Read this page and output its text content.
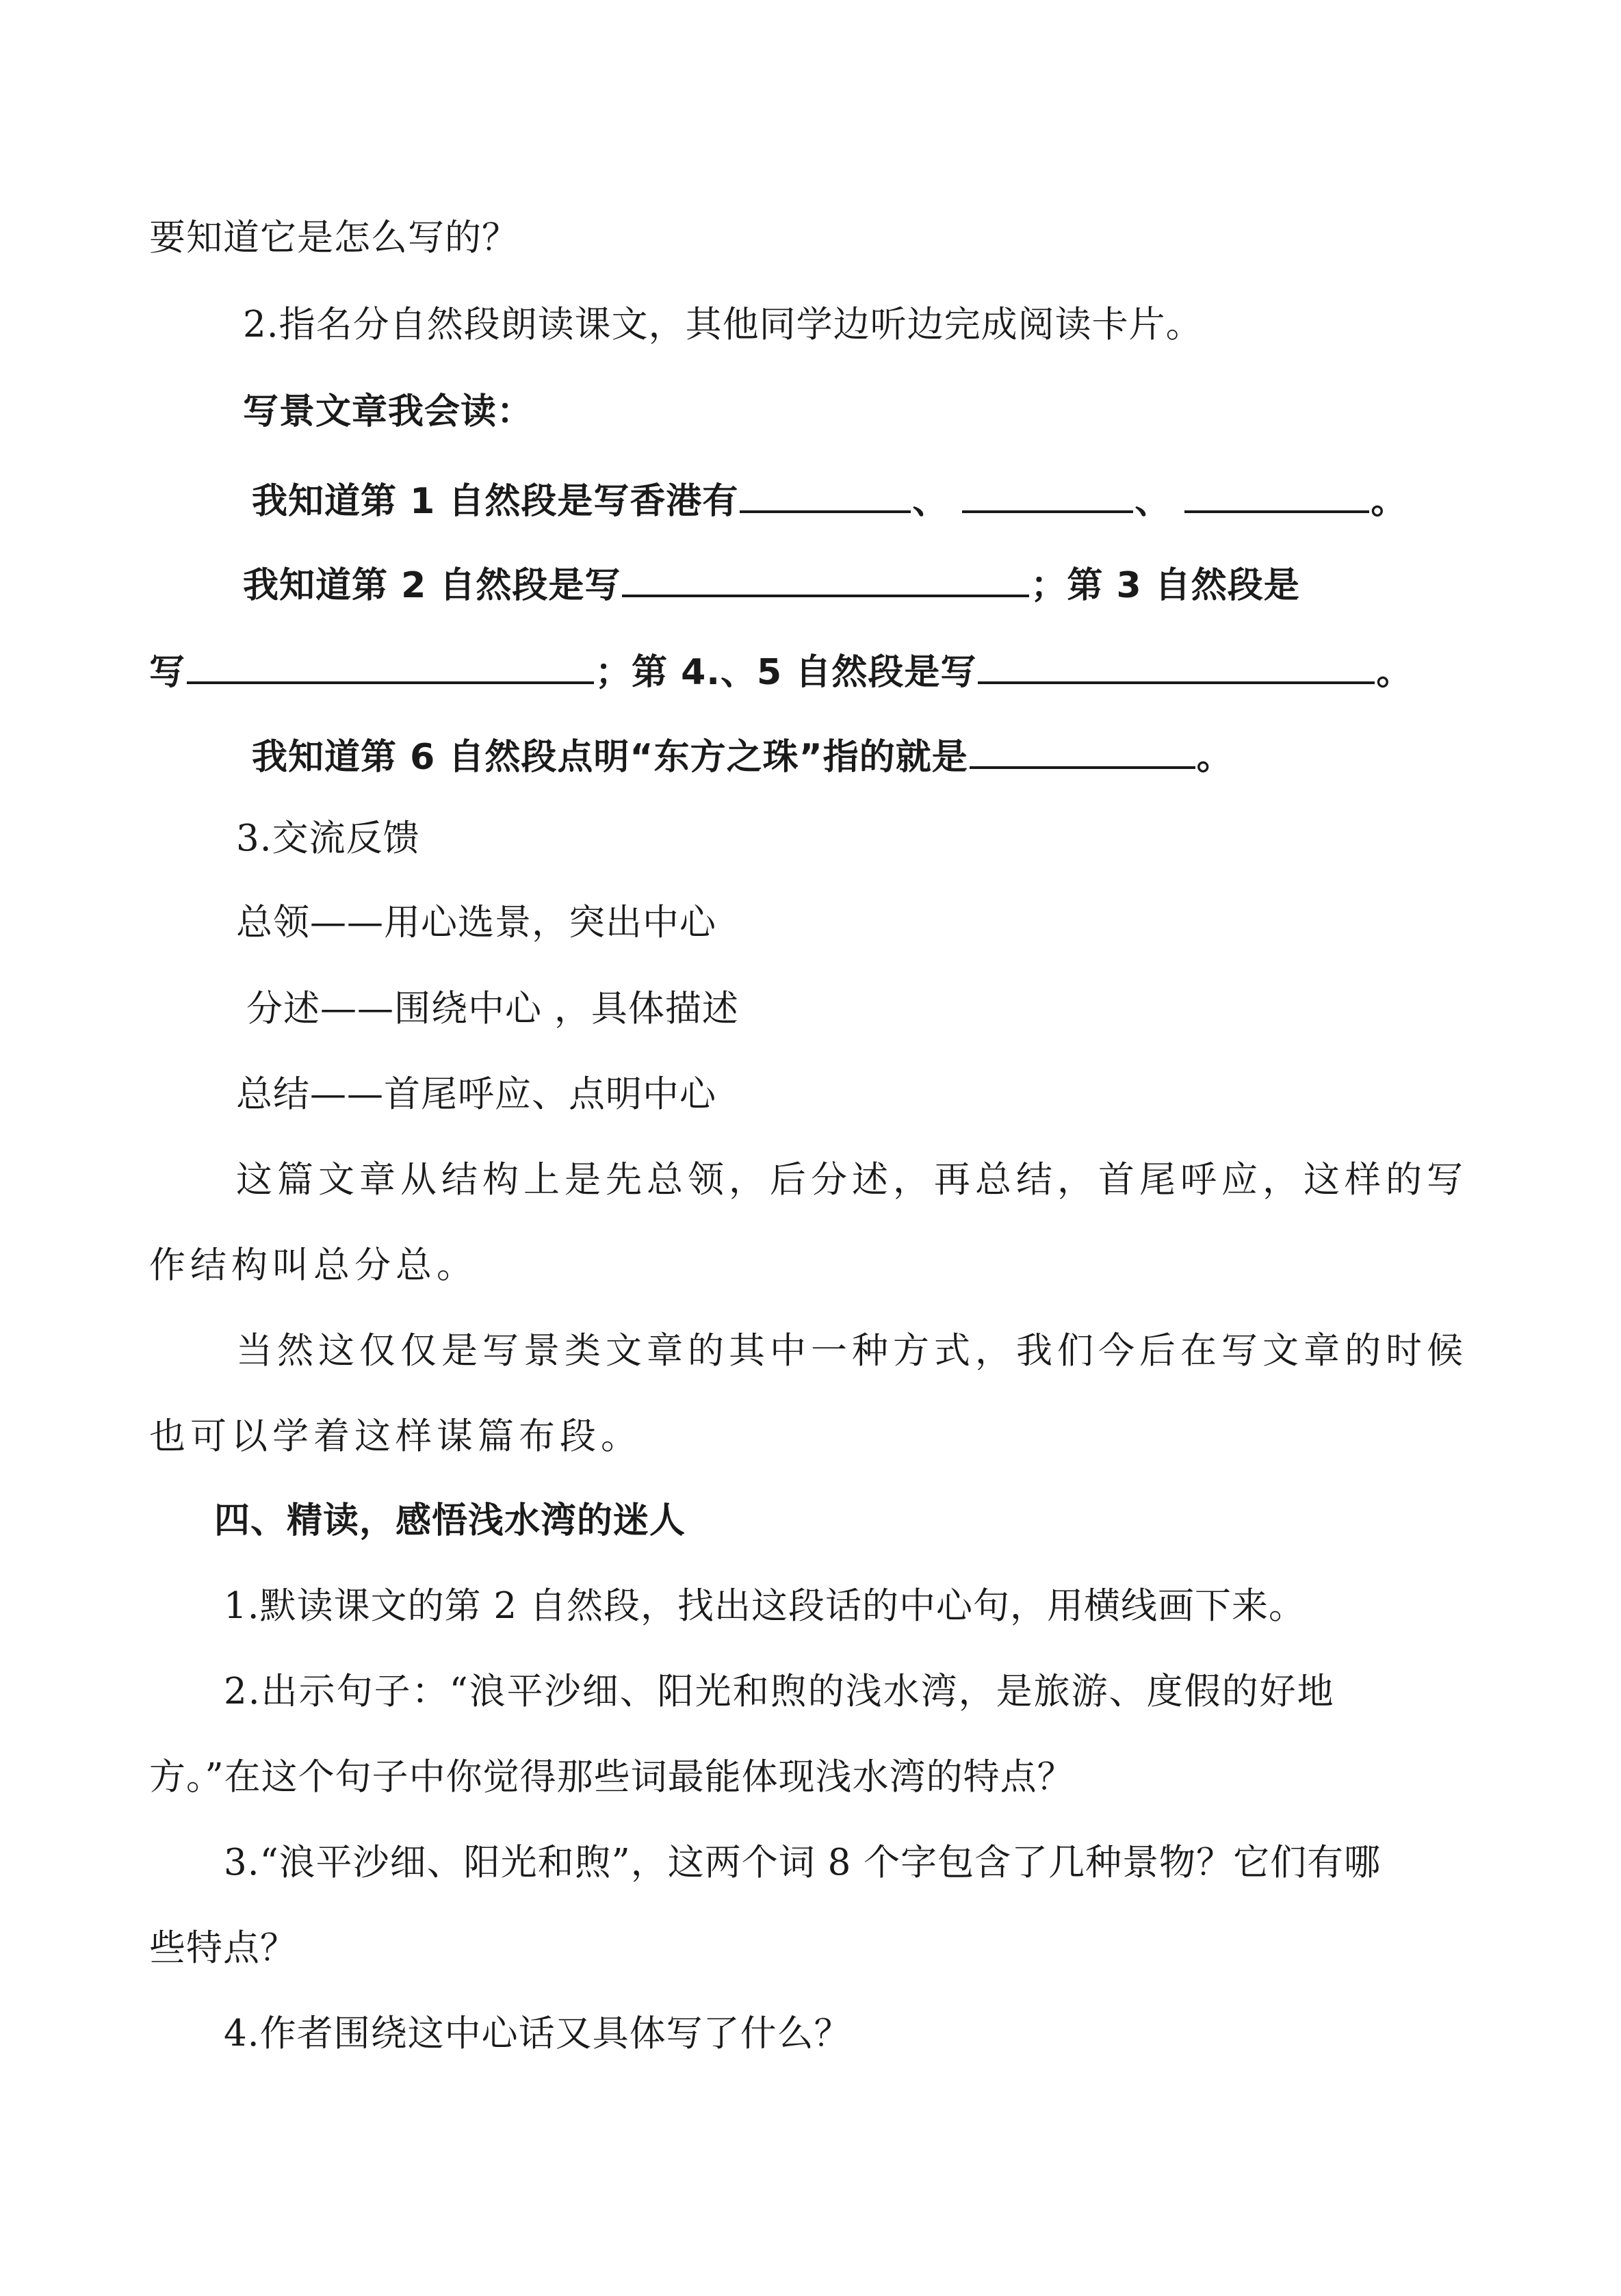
要知道它是怎么写的？
2.指名分自然段朗读课文，其他同学边听边完成阅读卡片。
写景文章我会读：
我知道第 1 自然段是写香港有	、	、	。
我知道第 2 自然段是写	；第 3 自然段是
写	；第 4.、5 自然段是写	。
我知道第 6 自然段点明“东方之珠”指的就是	。
3.交流反馈
总领——用心选景，突出中心
分述——围绕中心 ，具体描述
总结——首尾呼应、点明中心
这篇文章从结构上是先总领，后分述，再总结，首尾呼应，这样的写
作结构叫总分总。
当然这仅仅是写景类文章的其中一种方式，我们今后在写文章的时候
也可以学着这样谋篇布段。
四、精读，感悟浅水湾的迷人
1.默读课文的第 2 自然段，找出这段话的中心句，用横线画下来。
2.出示句子：“浪平沙细、阳光和煦的浅水湾，是旅游、度假的好地
方。”在这个句子中你觉得那些词最能体现浅水湾的特点？
3.“浪平沙细、阳光和煦”，这两个词 8 个字包含了几种景物？它们有哪
些特点？
4.作者围绕这中心话又具体写了什么？
